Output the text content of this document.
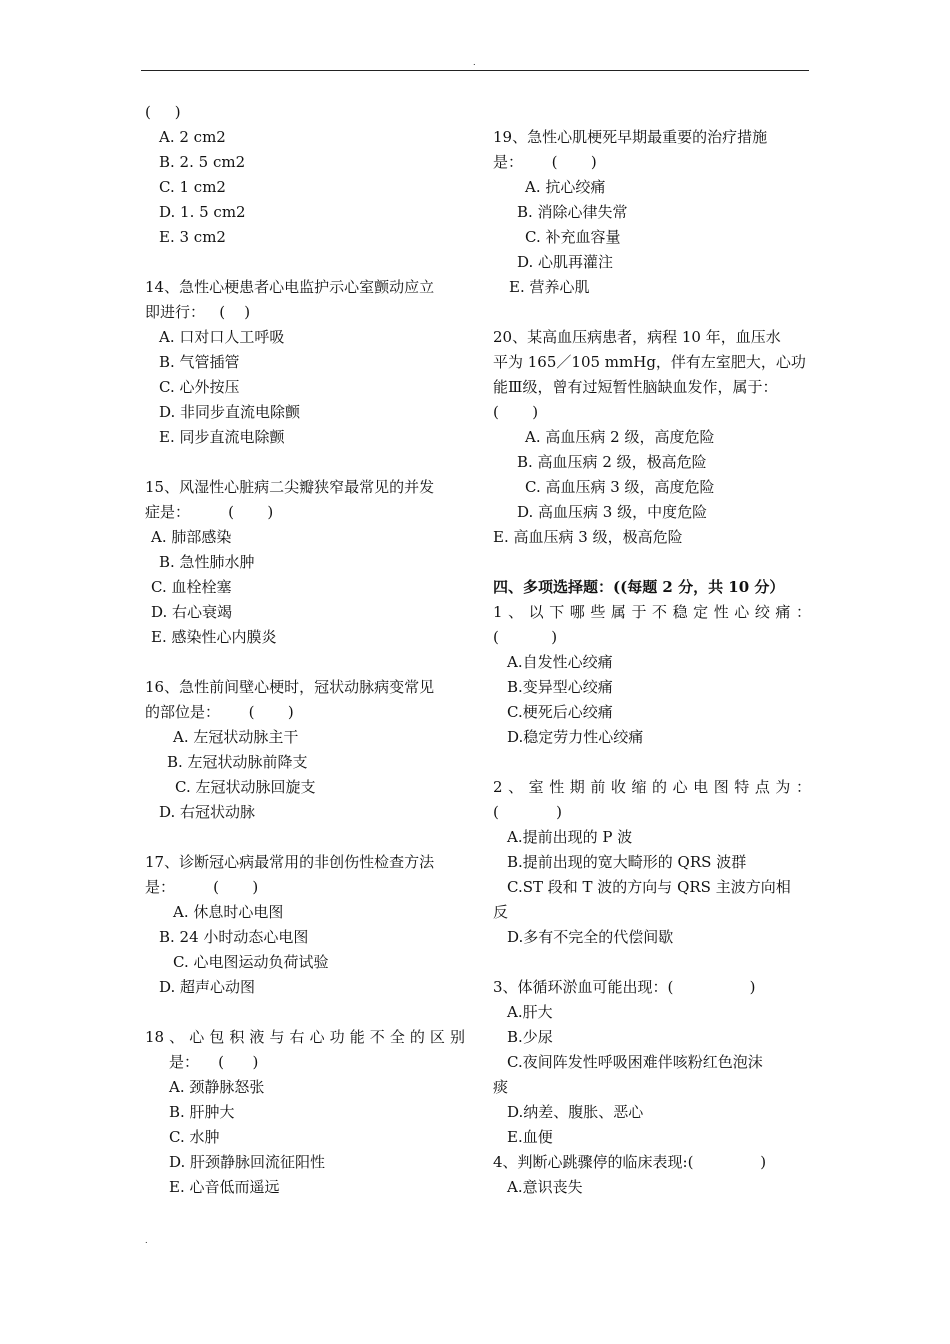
.
(     )
A. 2 cm2
B. 2. 5 cm2
C. 1 cm2
D. 1. 5 cm2
E. 3 cm2
14、急性心梗患者心电监护示心室颤动应立
即进行：   (    )
A. 口对口人工呼吸
B. 气管插管
C. 心外按压
D. 非同步直流电除颤
E. 同步直流电除颤
15、风湿性心脏病二尖瓣狭窄最常见的并发
症是：        (       )
A. 肺部感染
B. 急性肺水肿
C. 血栓栓塞
D. 右心衰竭
E. 感染性心内膜炎
16、急性前间壁心梗时，冠状动脉病变常见
的部位是：      (       )
A. 左冠状动脉主干
B. 左冠状动脉前降支
C. 左冠状动脉回旋支
D. 右冠状动脉
17、诊断冠心病最常用的非创伤性检查方法
是：        (       )
A. 休息时心电图
B. 24 小时动态心电图
C. 心电图运动负荷试验
D. 超声心动图
18、心包积液与右心功能不全的区别
是：    (      )
A. 颈静脉怒张
B. 肝肿大
C. 水肿
D. 肝颈静脉回流征阳性
E. 心音低而遥远
19、急性心肌梗死早期最重要的治疗措施
是：      (       )
A. 抗心绞痛
B. 消除心律失常
C. 补充血容量
D. 心肌再灌注
E. 营养心肌
20、某高血压病患者，病程 10 年，血压水
平为 165／105 mmHg，伴有左室肥大，心功
能Ⅲ级，曾有过短暂性脑缺血发作，属于：
(       )
A. 高血压病 2 级，高度危险
B. 高血压病 2 级，极高危险
C. 高血压病 3 级，高度危险
D. 高血压病 3 级，中度危险
E. 高血压病 3 级，极高危险
四、多项选择题：((每题 2 分，共 10 分）
1、以下哪些属于不稳定性心绞痛：
(           )
A.自发性心绞痛
B.变异型心绞痛
C.梗死后心绞痛
D.稳定劳力性心绞痛
2、室性期前收缩的心电图特点为：
(            )
A.提前出现的 P 波
B.提前出现的宽大畸形的 QRS 波群
C.ST 段和 T 波的方向与 QRS 主波方向相
反
D.多有不完全的代偿间歇
3、体循环淤血可能出现：(                )
A.肝大
B.少尿
C.夜间阵发性呼吸困难伴咳粉红色泡沫
痰
D.纳差、腹胀、恶心
E.血便
4、判断心跳骤停的临床表现:(              )
A.意识丧失
.
